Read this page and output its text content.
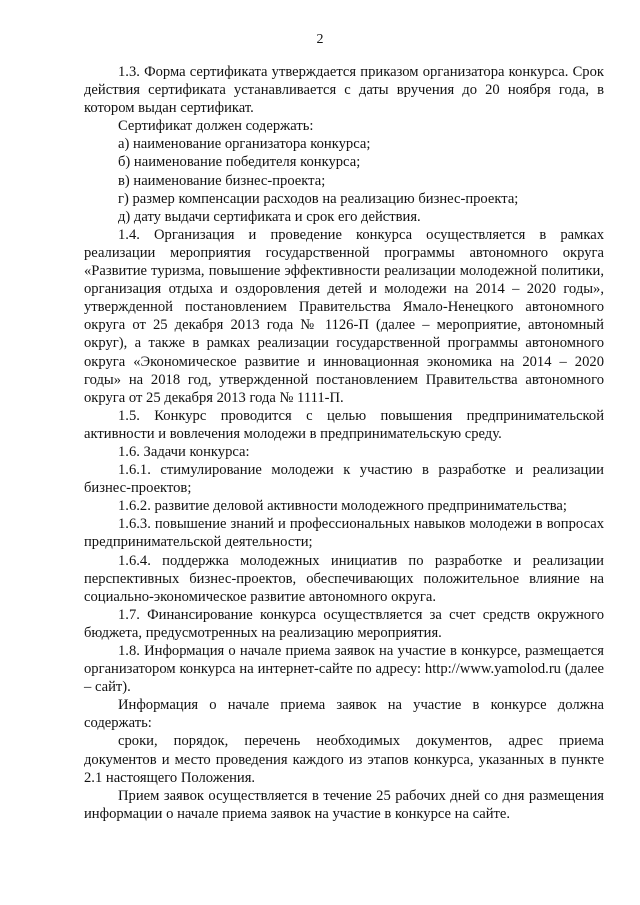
2

1.3. Форма сертификата утверждается приказом организатора конкурса. Срок действия сертификата устанавливается с даты вручения до 20 ноября года, в котором выдан сертификат.

Сертификат должен содержать:

а) наименование организатора конкурса;

б) наименование победителя конкурса;

в) наименование бизнес-проекта;

г) размер компенсации расходов на реализацию бизнес-проекта;

д) дату выдачи сертификата и срок его действия.

1.4. Организация и проведение конкурса осуществляется в рамках реализации мероприятия государственной программы автономного округа «Развитие туризма, повышение эффективности реализации молодежной политики, организация отдыха и оздоровления детей и молодежи на 2014 – 2020 годы», утвержденной постановлением Правительства Ямало-Ненецкого автономного округа от 25 декабря 2013 года № 1126-П (далее – мероприятие, автономный округ), а также в рамках реализации государственной программы автономного округа «Экономическое развитие и инновационная экономика на 2014 – 2020 годы» на 2018 год, утвержденной постановлением Правительства автономного округа от 25 декабря 2013 года № 1111-П.

1.5. Конкурс проводится с целью повышения предпринимательской активности и вовлечения молодежи в предпринимательскую среду.

1.6. Задачи конкурса:

1.6.1. стимулирование молодежи к участию в разработке и реализации бизнес-проектов;

1.6.2. развитие деловой активности молодежного предпринимательства;

1.6.3. повышение знаний и профессиональных навыков молодежи в вопросах предпринимательской деятельности;

1.6.4. поддержка молодежных инициатив по разработке и реализации перспективных бизнес-проектов, обеспечивающих положительное влияние на социально-экономическое развитие автономного округа.

1.7. Финансирование конкурса осуществляется за счет средств окружного бюджета, предусмотренных на реализацию мероприятия.

1.8. Информация о начале приема заявок на участие в конкурсе, размещается организатором конкурса на интернет-сайте по адресу: http://www.yamolod.ru (далее – сайт).

Информация о начале приема заявок на участие в конкурсе должна содержать:

сроки, порядок, перечень необходимых документов, адрес приема документов и место проведения каждого из этапов конкурса, указанных в пункте 2.1 настоящего Положения.

Прием заявок осуществляется в течение 25 рабочих дней со дня размещения информации о начале приема заявок на участие в конкурсе на сайте.
